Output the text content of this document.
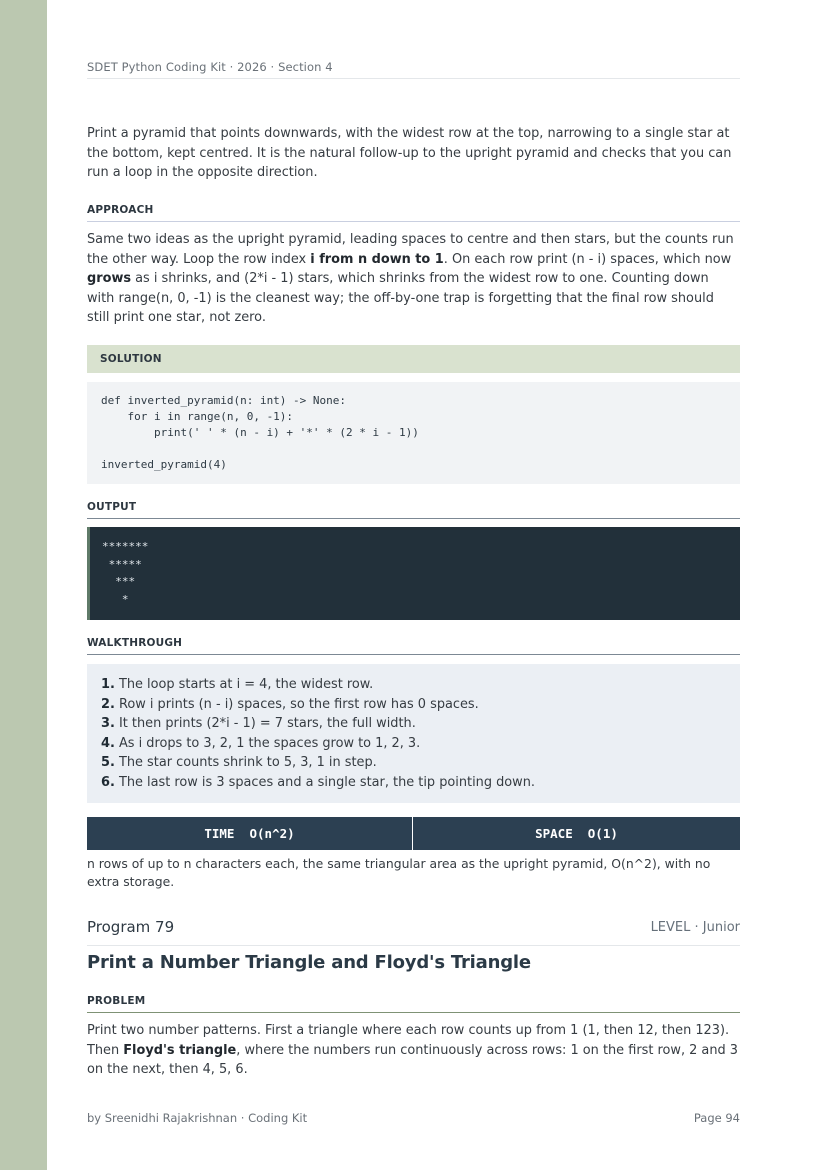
SDET Python Coding Kit · 2026 · Section 4

Print a pyramid that points downwards, with the widest row at the top, narrowing to a single star at the bottom, kept centred. It is the natural follow-up to the upright pyramid and checks that you can run a loop in the opposite direction.

APPROACH

Same two ideas as the upright pyramid, leading spaces to centre and then stars, but the counts run the other way. Loop the row index i from n down to 1. On each row print (n - i) spaces, which now grows as i shrinks, and (2*i - 1) stars, which shrinks from the widest row to one. Counting down with range(n, 0, -1) is the cleanest way; the off-by-one trap is forgetting that the final row should still print one star, not zero.

SOLUTION
def inverted_pyramid(n: int) -> None:
for i in range(n, 0, -1):
print(' ' * (n - i) + '*' * (2 * i - 1))

inverted_pyramid(4)
OUTPUT
*******
*****
***
*
WALKTHROUGH
1. The loop starts at i = 4, the widest row.
2. Row i prints (n - i) spaces, so the first row has 0 spaces.
3. It then prints (2*i - 1) = 7 stars, the full width.
4. As i drops to 3, 2, 1 the spaces grow to 1, 2, 3.
5. The star counts shrink to 5, 3, 1 in step.
6. The last row is 3 spaces and a single star, the tip pointing down.
TIME  O(n^2)	SPACE  O(1)

n rows of up to n characters each, the same triangular area as the upright pyramid, O(n^2), with no extra storage.

Program 79	LEVEL · Junior
Print a Number Triangle and Floyd's Triangle
PROBLEM

Print two number patterns. First a triangle where each row counts up from 1 (1, then 12, then 123). Then Floyd's triangle, where the numbers run continuously across rows: 1 on the first row, 2 and 3 on the next, then 4, 5, 6.

by Sreenidhi Rajakrishnan · Coding Kit	Page 94
